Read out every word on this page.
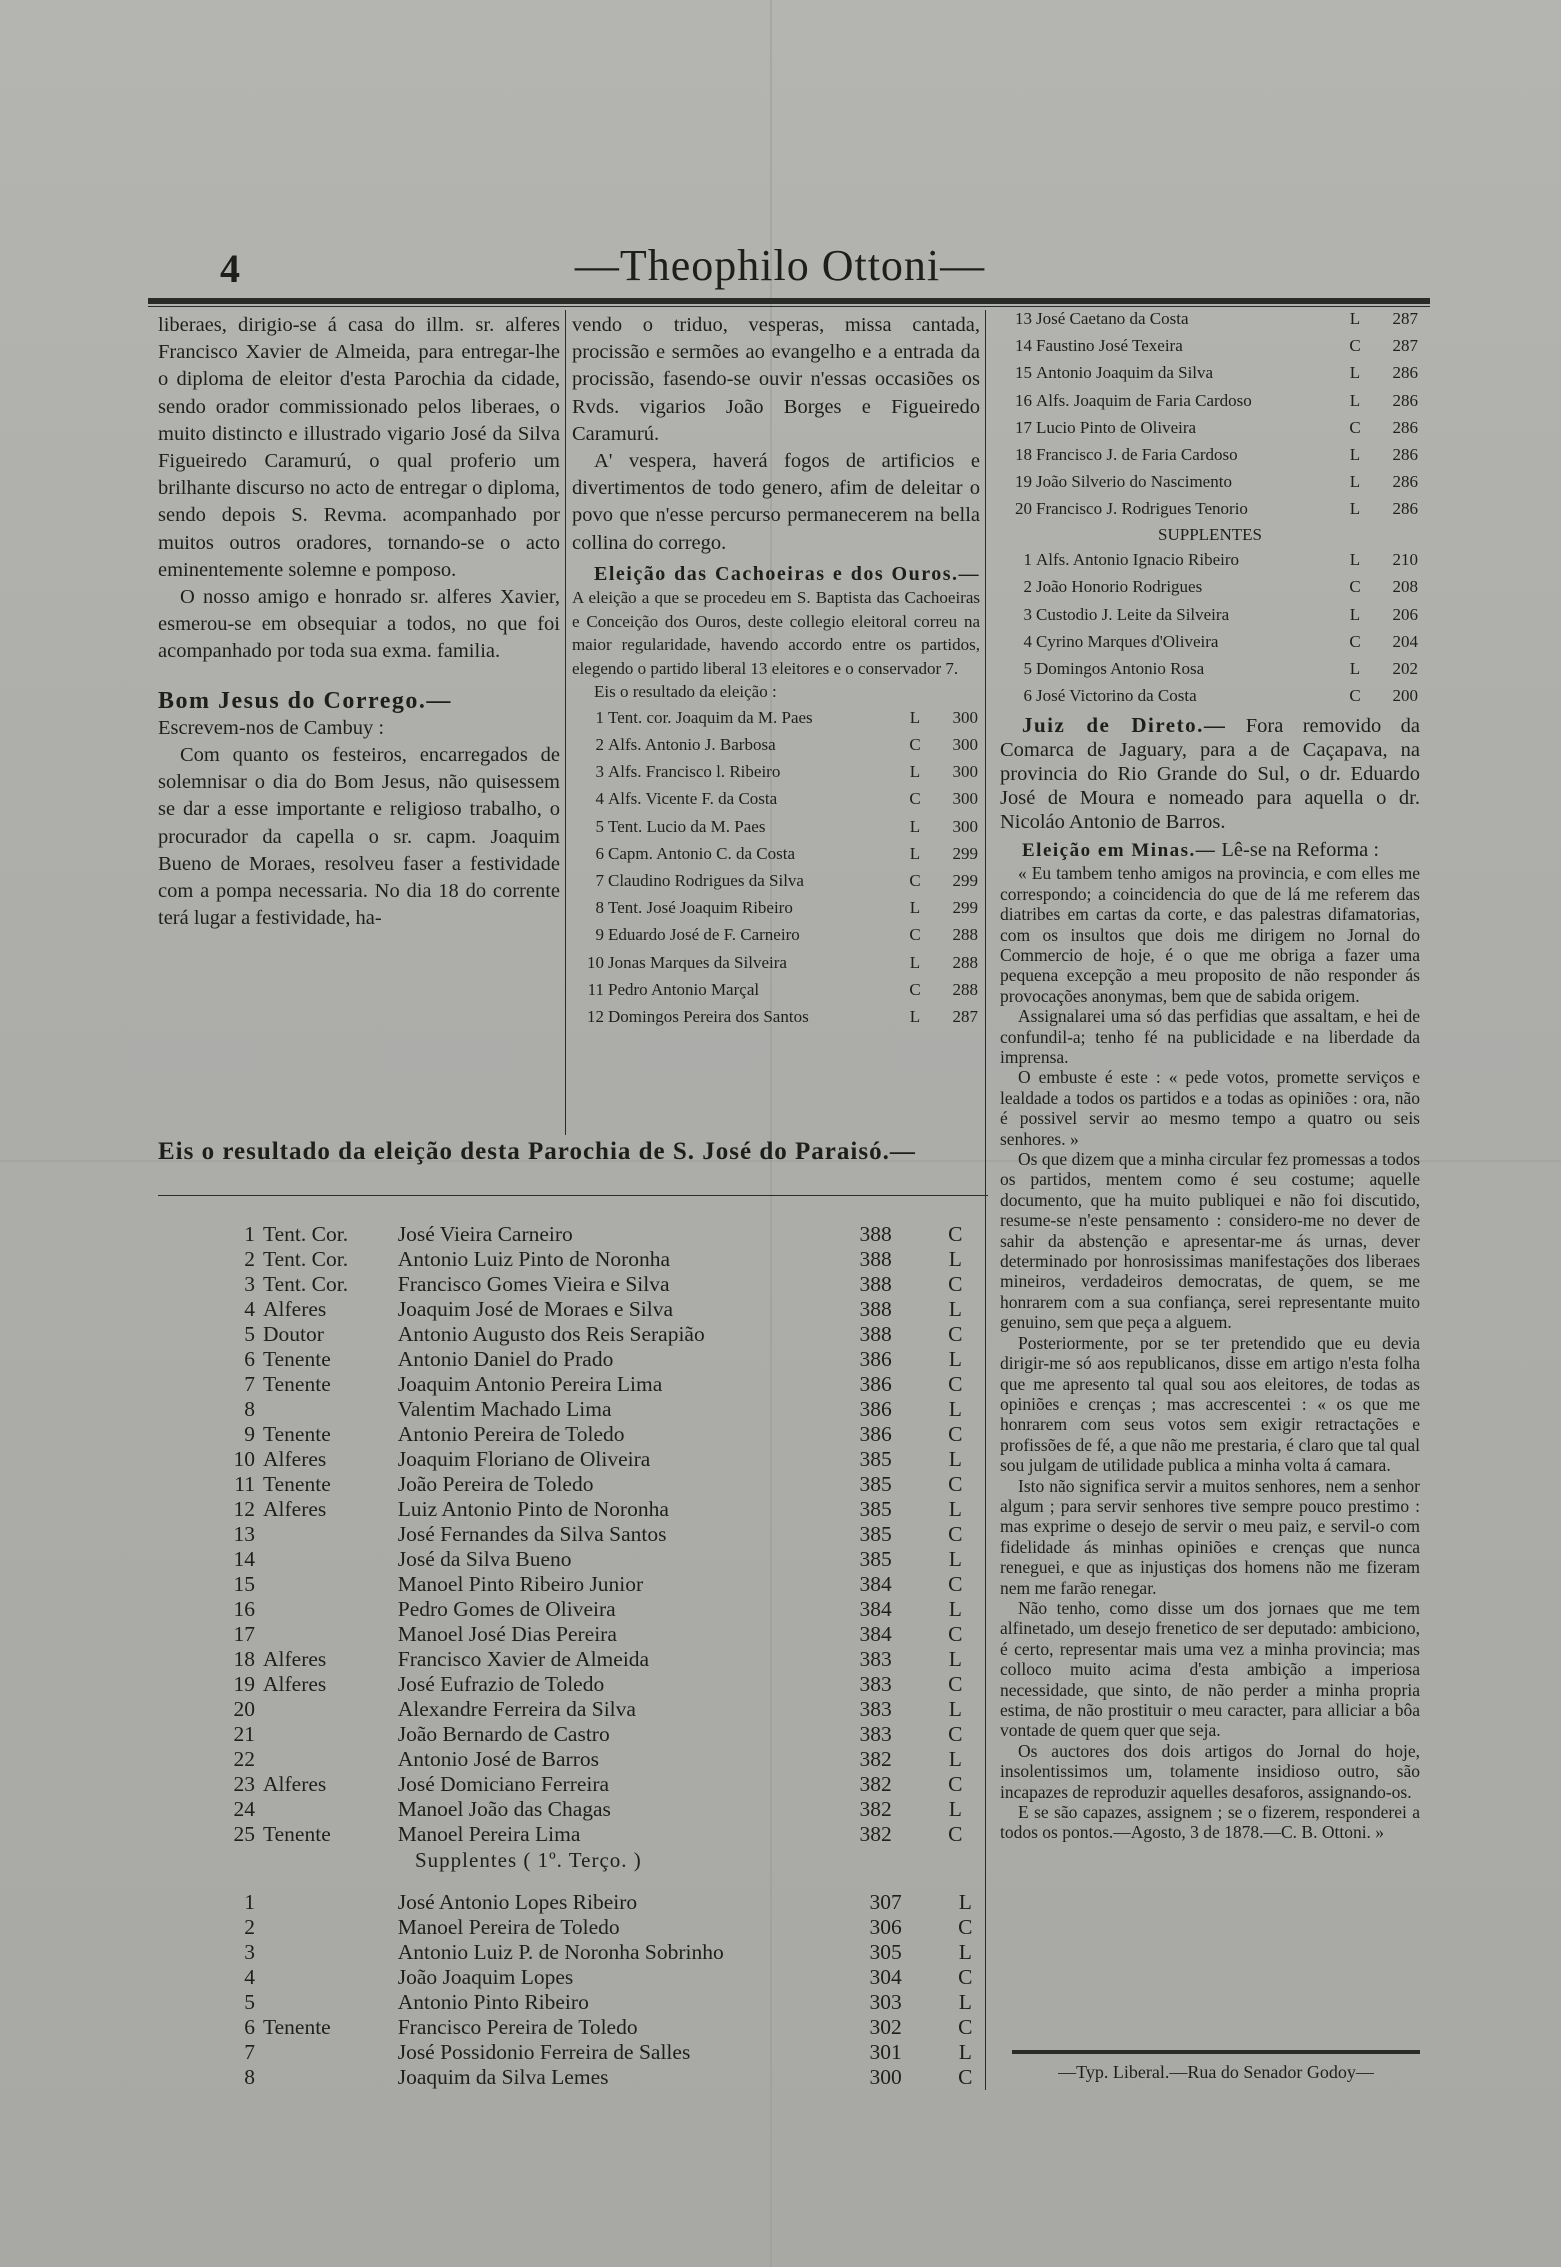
4	—Theophilo Ottoni—

liberaes, dirigio-se á casa do illm. sr. alferes Francisco Xavier de Almeida, para entregar-lhe o diploma de eleitor d'esta Parochia da cidade, sendo orador commissionado pelos liberaes, o muito distincto e illustrado vigario José da Silva Figueiredo Caramurú, o qual proferio um brilhante discurso no acto de entregar o diploma, sendo depois S. Revma. acompanhado por muitos outros oradores, tornando-se o acto eminentemente solemne e pomposo.

O nosso amigo e honrado sr. alferes Xavier, esmerou-se em obsequiar a todos, no que foi acompanhado por toda sua exma. familia.

Bom Jesus do Corrego.—

Escrevem-nos de Cambuy :

Com quanto os festeiros, encarregados de solemnisar o dia do Bom Jesus, não quisessem se dar a esse importante e religioso trabalho, o procurador da capella o sr. capm. Joaquim Bueno de Moraes, resolveu faser a festividade com a pompa necessaria. No dia 18 do corrente terá lugar a festividade, ha-

vendo o triduo, vesperas, missa cantada, procissão e sermões ao evangelho e a entrada da procissão, fasendo-se ouvir n'essas occasiões os Rvds. vigarios João Borges e Figueiredo Caramurú.

A' vespera, haverá fogos de artificios e divertimentos de todo genero, afim de deleitar o povo que n'esse percurso permanecerem na bella collina do corrego.

Eleição das Cachoeiras e dos Ouros.— A eleição a que se procedeu em S. Baptista das Cachoeiras e Conceição dos Ouros, deste collegio eleitoral correu na maior regularidade, havendo accordo entre os partidos, elegendo o partido liberal 13 eleitores e o conservador 7.

Eis o resultado da eleição :

1	Tent. cor. Joaquim da M. Paes	L	300
2	Alfs. Antonio J. Barbosa	C	300
3	Alfs. Francisco l. Ribeiro	L	300
4	Alfs. Vicente F. da Costa	C	300
5	Tent. Lucio da M. Paes	L	300
6	Capm. Antonio C. da Costa	L	299
7	Claudino Rodrigues da Silva	C	299
8	Tent. José Joaquim Ribeiro	L	299
9	Eduardo José de F. Carneiro	C	288
10	Jonas Marques da Silveira	L	288
11	Pedro Antonio Marçal	C	288
12	Domingos Pereira dos Santos	L	287
13	José Caetano da Costa	L	287
14	Faustino José Texeira	C	287
15	Antonio Joaquim da Silva	L	286
16	Alfs. Joaquim de Faria Cardoso	L	286
17	Lucio Pinto de Oliveira	C	286
18	Francisco J. de Faria Cardoso	L	286
19	João Silverio do Nascimento	L	286
20	Francisco J. Rodrigues Tenorio	L	286
SUPPLENTES
1	Alfs. Antonio Ignacio Ribeiro	L	210
2	João Honorio Rodrigues	C	208
3	Custodio J. Leite da Silveira	L	206
4	Cyrino Marques d'Oliveira	C	204
5	Domingos Antonio Rosa	L	202
6	José Victorino da Costa	C	200

Juiz de Direto.— Fora removido da Comarca de Jaguary, para a de Caçapava, na provincia do Rio Grande do Sul, o dr. Eduardo José de Moura e nomeado para aquella o dr. Nicoláo Antonio de Barros.

Eleição em Minas.— Lê-se na Reforma :

« Eu tambem tenho amigos na provincia, e com elles me correspondo; a coincidencia do que de lá me referem das diatribes em cartas da corte, e das palestras difamatorias, com os insultos que dois me dirigem no Jornal do Commercio de hoje, é o que me obriga a fazer uma pequena excepção a meu proposito de não responder ás provocações anonymas, bem que de sabida origem.

Assignalarei uma só das perfidias que assaltam, e hei de confundil-a; tenho fé na publicidade e na liberdade da imprensa.

O embuste é este : « pede votos, promette serviços e lealdade a todos os partidos e a todas as opiniões : ora, não é possivel servir ao mesmo tempo a quatro ou seis senhores. »

Os que dizem que a minha circular fez promessas a todos os partidos, mentem como é seu costume; aquelle documento, que ha muito publiquei e não foi discutido, resume-se n'este pensamento : considero-me no dever de sahir da abstenção e apresentar-me ás urnas, dever determinado por honrosissimas manifestações dos liberaes mineiros, verdadeiros democratas, de quem, se me honrarem com a sua confiança, serei representante muito genuino, sem que peça a alguem.

Posteriormente, por se ter pretendido que eu devia dirigir-me só aos republicanos, disse em artigo n'esta folha que me apresento tal qual sou aos eleitores, de todas as opiniões e crenças ; mas accrescentei : « os que me honrarem com seus votos sem exigir retractações e profissões de fé, a que não me prestaria, é claro que tal qual sou julgam de utilidade publica a minha volta á camara.

Isto não significa servir a muitos senhores, nem a senhor algum ; para servir senhores tive sempre pouco prestimo : mas exprime o desejo de servir o meu paiz, e servil-o com fidelidade ás minhas opiniões e crenças que nunca reneguei, e que as injustiças dos homens não me fizeram nem me farão renegar.

Não tenho, como disse um dos jornaes que me tem alfinetado, um desejo frenetico de ser deputado: ambiciono, é certo, representar mais uma vez a minha provincia; mas colloco muito acima d'esta ambição a imperiosa necessidade, que sinto, de não perder a minha propria estima, de não prostituir o meu caracter, para alliciar a bôa vontade de quem quer que seja.

Os auctores dos dois artigos do Jornal do hoje, insolentissimos um, tolamente insidioso outro, são incapazes de reproduzir aquelles desaforos, assignando-os.

E se são capazes, assignem ; se o fizerem, responderei a todos os pontos.—Agosto, 3 de 1878.—C. B. Ottoni. »

Eis o resultado da eleição desta Parochia de S. José do Paraisó.—
1	Tent. Cor.	José Vieira Carneiro	388	C
2	Tent. Cor.	Antonio Luiz Pinto de Noronha	388	L
3	Tent. Cor.	Francisco Gomes Vieira e Silva	388	C
4	Alferes	Joaquim José de Moraes e Silva	388	L
5	Doutor	Antonio Augusto dos Reis Serapião	388	C
6	Tenente	Antonio Daniel do Prado	386	L
7	Tenente	Joaquim Antonio Pereira Lima	386	C
8		Valentim Machado Lima	386	L
9	Tenente	Antonio Pereira de Toledo	386	C
10	Alferes	Joaquim Floriano de Oliveira	385	L
11	Tenente	João Pereira de Toledo	385	C
12	Alferes	Luiz Antonio Pinto de Noronha	385	L
13		José Fernandes da Silva Santos	385	C
14		José da Silva Bueno	385	L
15		Manoel Pinto Ribeiro Junior	384	C
16		Pedro Gomes de Oliveira	384	L
17		Manoel José Dias Pereira	384	C
18	Alferes	Francisco Xavier de Almeida	383	L
19	Alferes	José Eufrazio de Toledo	383	C
20		Alexandre Ferreira da Silva	383	L
21		João Bernardo de Castro	383	C
22		Antonio José de Barros	382	L
23	Alferes	José Domiciano Ferreira	382	C
24		Manoel João das Chagas	382	L
25	Tenente	Manoel Pereira Lima	382	C
Supplentes ( 1º. Terço. )
1		José Antonio Lopes Ribeiro	307	L
2		Manoel Pereira de Toledo	306	C
3		Antonio Luiz P. de Noronha Sobrinho	305	L
4		João Joaquim Lopes	304	C
5		Antonio Pinto Ribeiro	303	L
6	Tenente	Francisco Pereira de Toledo	302	C
7		José Possidonio Ferreira de Salles	301	L
8		Joaquim da Silva Lemes	300	C	—Typ. Liberal.—Rua do Senador Godoy—
